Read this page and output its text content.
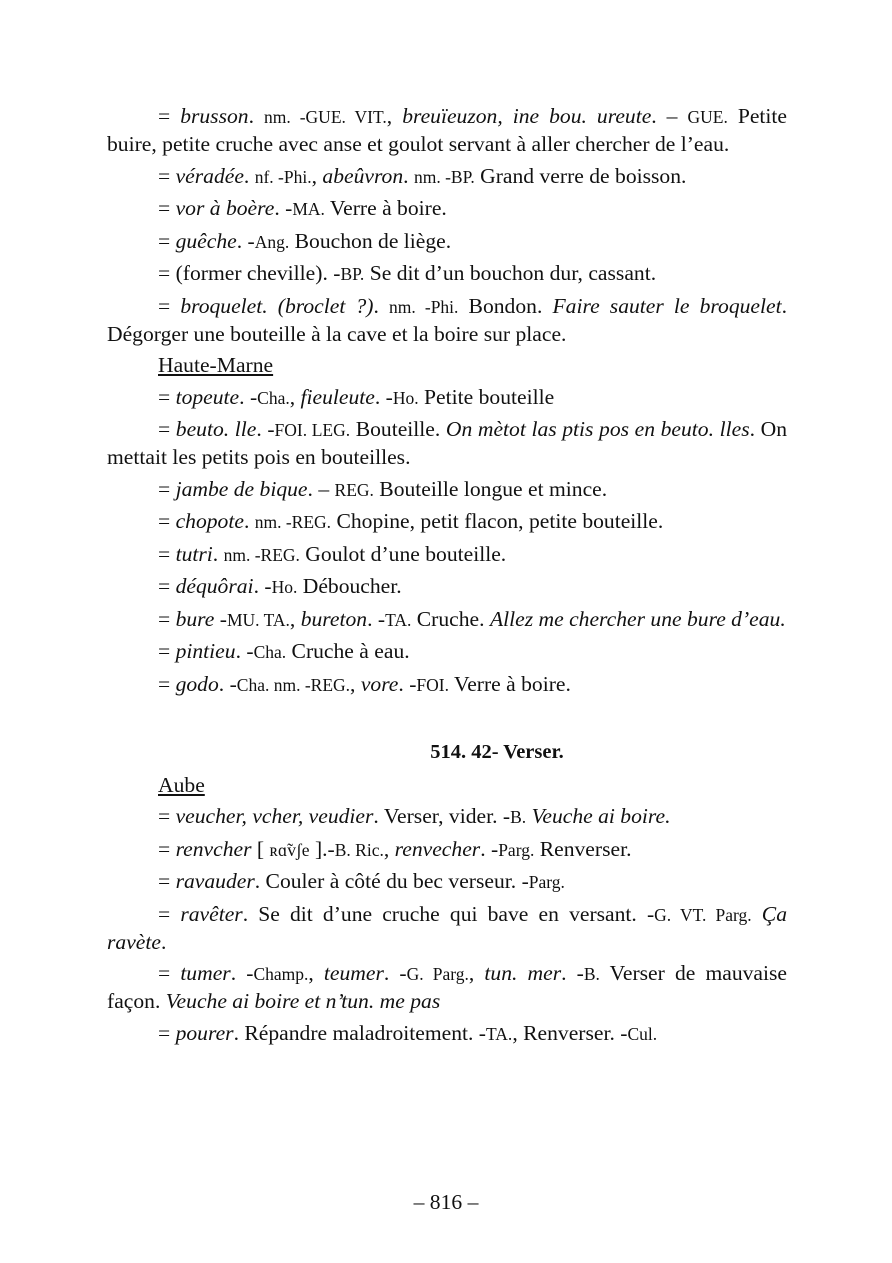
= brusson. nm. -GUE. VIT., breuïeuzon, ine bou. ureute. – GUE. Petite buire, petite cruche avec anse et goulot servant à aller chercher de l’eau.

= véradée. nf. -Phi., abeûvron. nm. -BP. Grand verre de boisson.

= vor à boère. -MA. Verre à boire.

= guêche. -Ang. Bouchon de liège.

= (former cheville). -BP. Se dit d’un bouchon dur, cassant.

= broquelet. (broclet ?). nm. -Phi. Bondon. Faire sauter le broquelet. Dégorger une bouteille à la cave et la boire sur place.

Haute-Marne

= topeute. -Cha., fieuleute. -Ho. Petite bouteille

= beuto. lle. -FOI. LEG. Bouteille. On mètot las ptis pos en beuto. lles. On mettait les petits pois en bouteilles.

= jambe de bique. – REG. Bouteille longue et mince.

= chopote. nm. -REG. Chopine, petit flacon, petite bouteille.

= tutri. nm. -REG. Goulot d’une bouteille.

= déquôrai. -Ho. Déboucher.

= bure -MU. TA., bureton. -TA. Cruche. Allez me chercher une bure d’eau.

= pintieu. -Cha. Cruche à eau.

= godo. -Cha. nm. -REG., vore. -FOI. Verre à boire.

514. 42- Verser.
Aube

= veucher, vcher, veudier. Verser, vider. -B. Veuche ai boire.

= renvcher [ ʀɑ̃vʃe ].-B. Ric., renvecher. -Parg. Renverser.

= ravauder. Couler à côté du bec verseur. -Parg.

= ravêter. Se dit d’une cruche qui bave en versant. -G. VT. Parg. Ça ravète.

= tumer. -Champ., teumer. -G. Parg., tun. mer. -B. Verser de mauvaise façon. Veuche ai boire et n’tun. me pas

= pourer. Répandre maladroitement. -TA., Renverser. -Cul.

– 816 –
